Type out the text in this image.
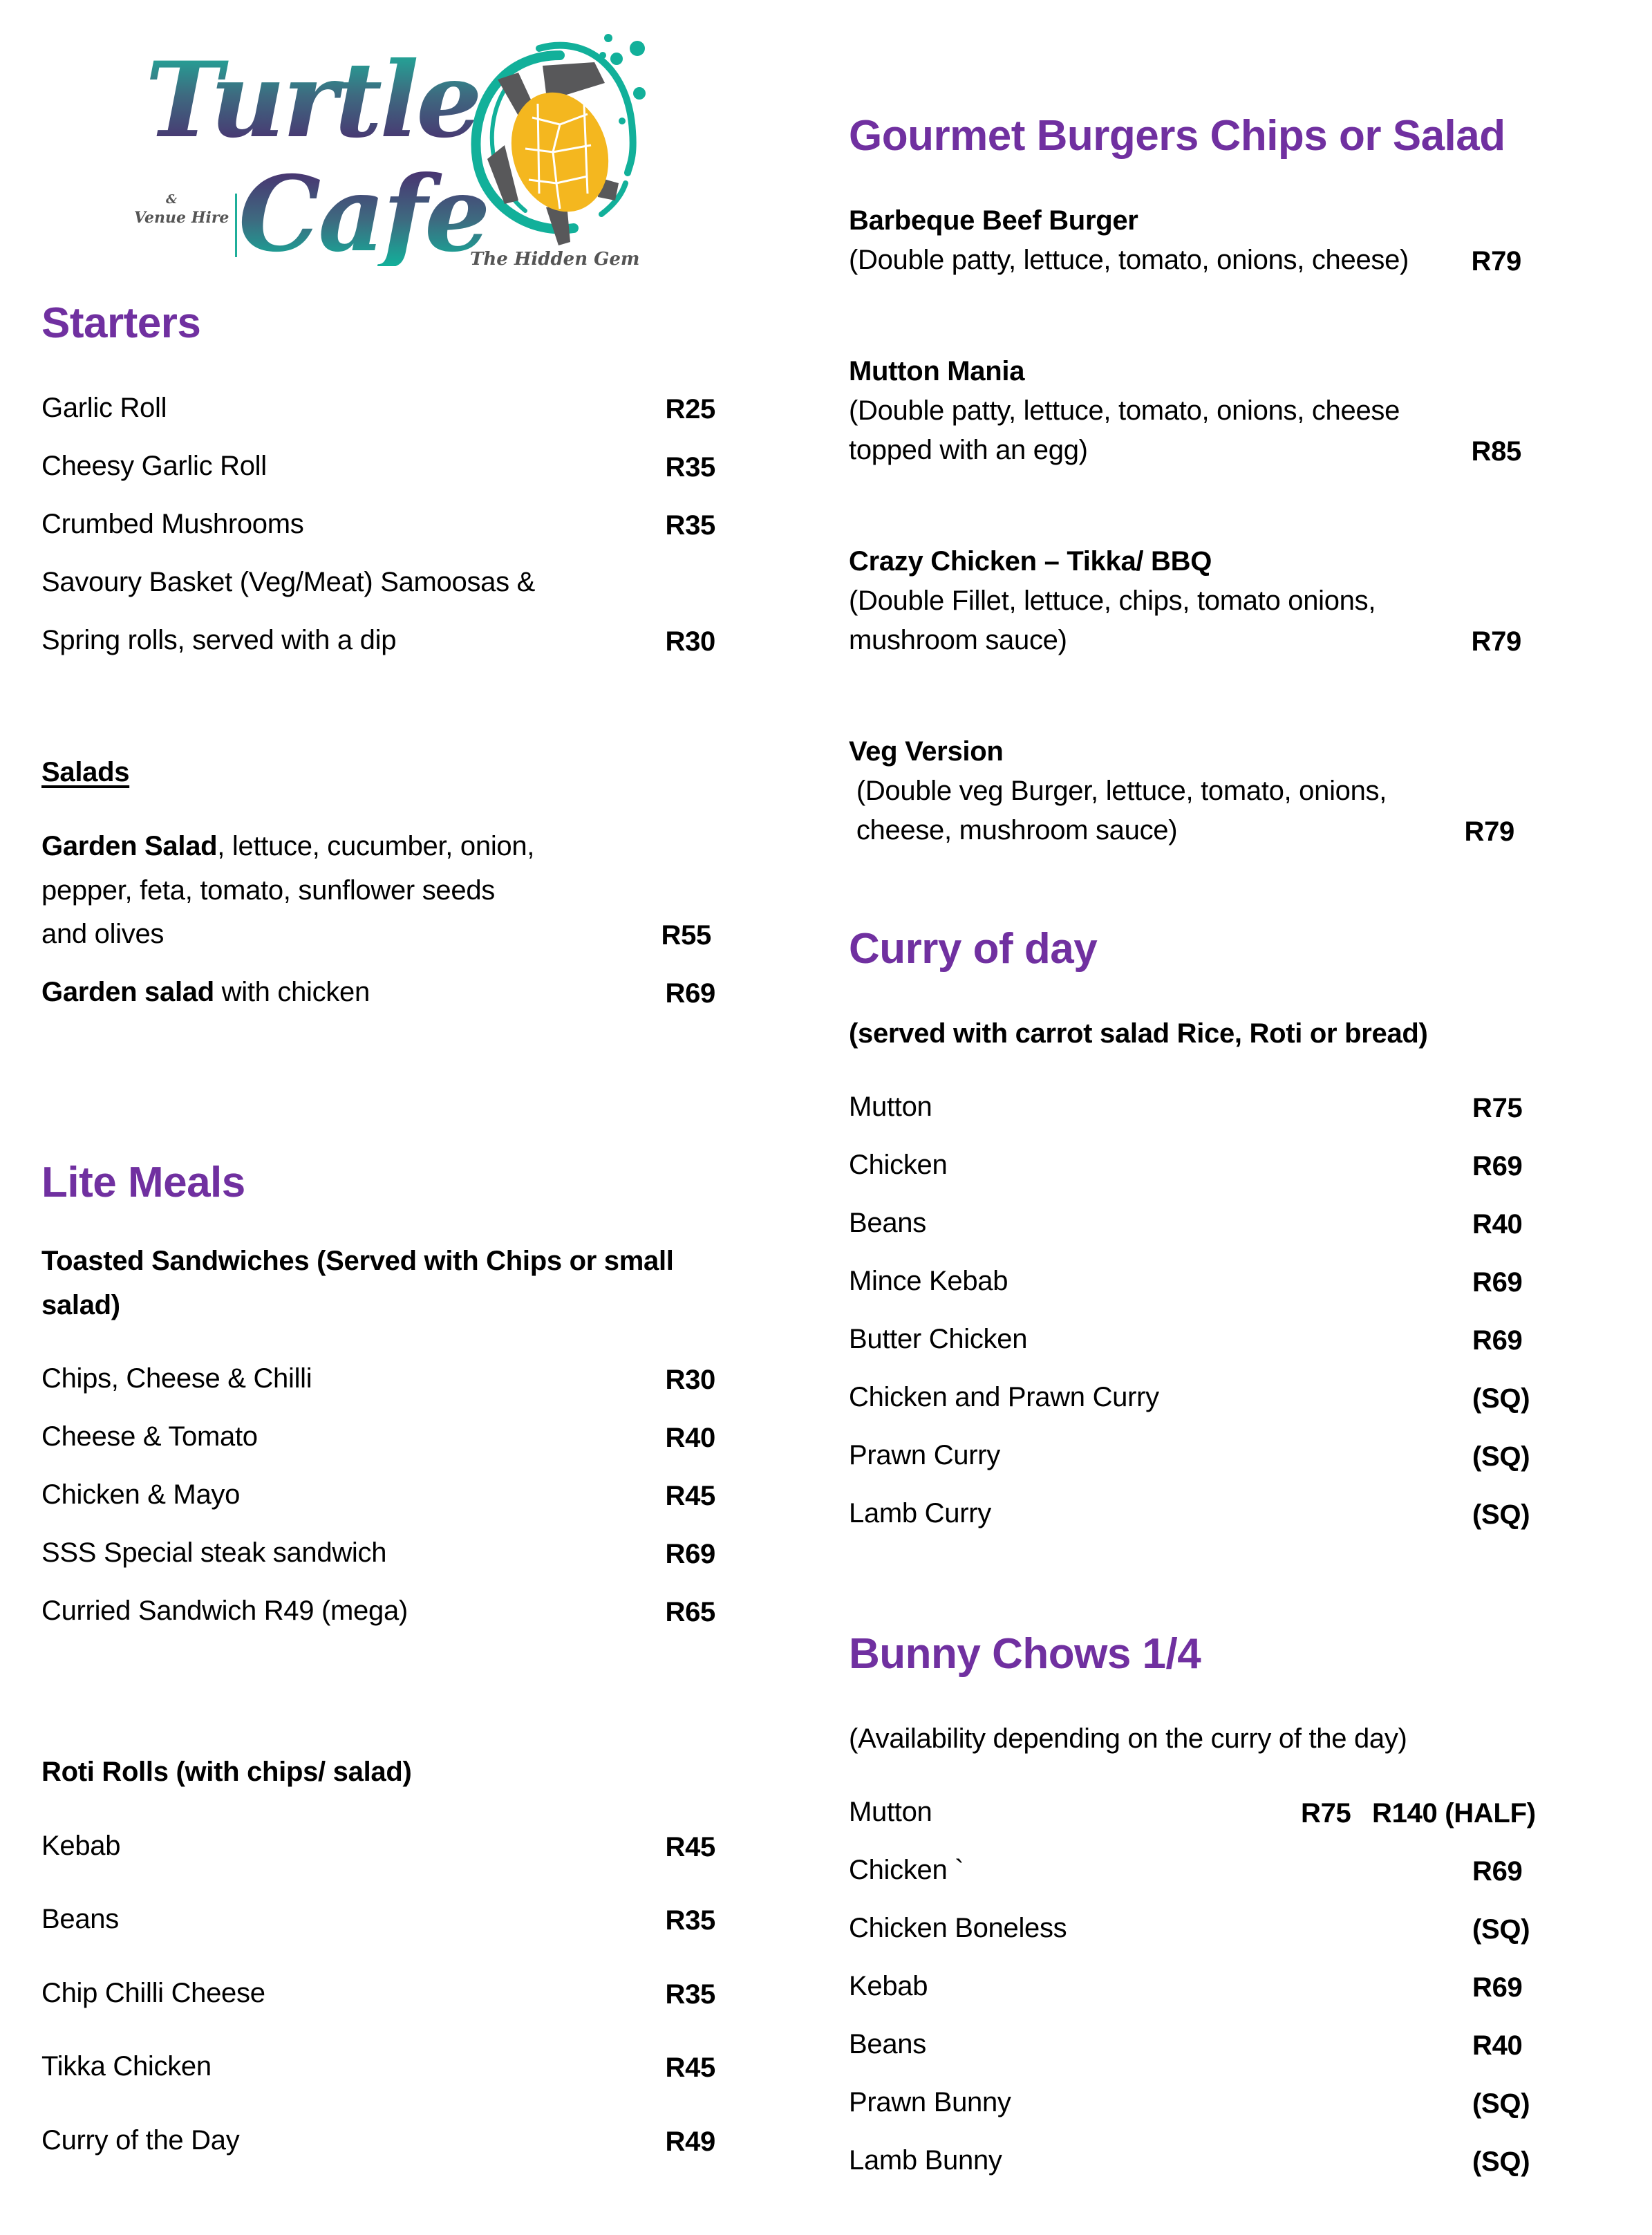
Turtle
&
Venue Hire Cafe
The Hidden Gem
Starters
Garlic Roll	R25
Cheesy Garlic Roll	R35
Crumbed Mushrooms	R35
Savoury Basket (Veg/Meat) Samoosas &
Spring rolls, served with a dip	R30
Salads
Garden Salad, lettuce, cucumber, onion,
pepper, feta, tomato, sunflower seeds
and olives	R55
Garden salad with chicken	R69
Lite Meals
Toasted Sandwiches (Served with Chips or small
salad)
Chips, Cheese & Chilli	R30
Cheese & Tomato	R40
Chicken & Mayo	R45
SSS Special steak sandwich	R69
Curried Sandwich R49 (mega)	R65
Roti Rolls (with chips/ salad)
Kebab	R45
Beans	R35
Chip Chilli Cheese	R35
Tikka Chicken	R45
Curry of the Day	R49
Gourmet Burgers Chips or Salad
Barbeque Beef Burger
(Double patty, lettuce, tomato, onions, cheese) R79
Mutton Mania
(Double patty, lettuce, tomato, onions, cheese
topped with an egg)	R85
Crazy Chicken – Tikka/ BBQ
(Double Fillet, lettuce, chips, tomato onions,
mushroom sauce)	R79
Veg Version
(Double veg Burger, lettuce, tomato, onions,
cheese, mushroom sauce)	R79
Curry of day
(served with carrot salad Rice, Roti or bread)
Mutton	R75
Chicken	R69
Beans	R40
Mince Kebab	R69
Butter Chicken	R69
Chicken and Prawn Curry	(SQ)
Prawn Curry	(SQ)
Lamb Curry	(SQ)
Bunny Chows 1/4
(Availability depending on the curry of the day)
Mutton	R75 R140 (HALF)
Chicken `	R69
Chicken Boneless	(SQ)
Kebab	R69
Beans	R40
Prawn Bunny	(SQ)
Lamb Bunny	(SQ)
